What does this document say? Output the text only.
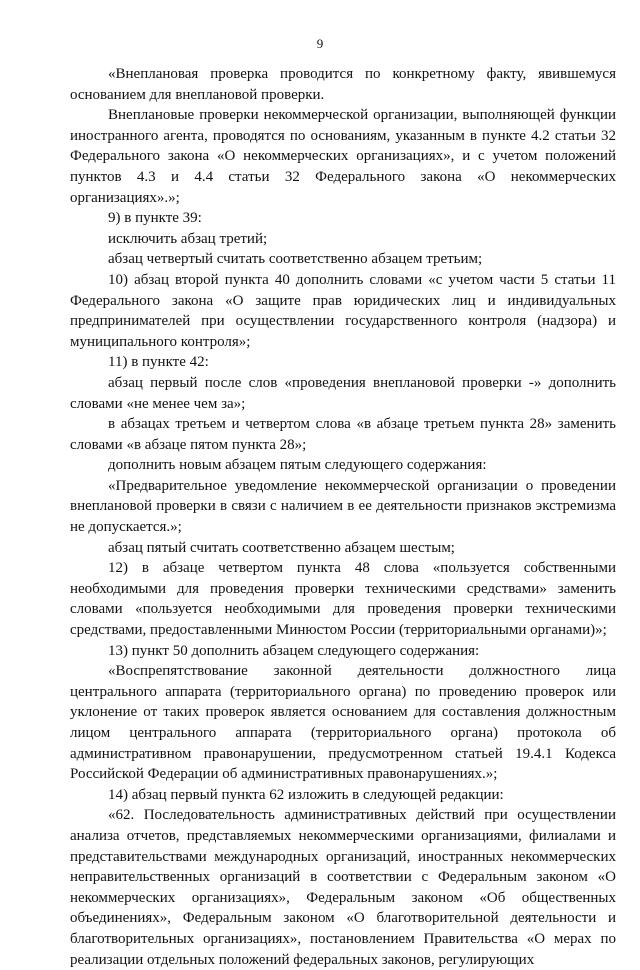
9

«Внеплановая проверка проводится по конкретному факту, явившемуся основанием для внеплановой проверки.

Внеплановые проверки некоммерческой организации, выполняющей функции иностранного агента, проводятся по основаниям, указанным в пункте 4.2 статьи 32 Федерального закона «О некоммерческих организациях», и с учетом положений пунктов 4.3 и 4.4 статьи 32 Федерального закона «О некоммерческих организациях».»;

9) в пункте 39:

исключить абзац третий;

абзац четвертый считать соответственно абзацем третьим;

10) абзац второй пункта 40 дополнить словами «с учетом части 5 статьи 11 Федерального закона «О защите прав юридических лиц и индивидуальных предпринимателей при осуществлении государственного контроля (надзора) и муниципального контроля»;

11) в пункте 42:

абзац первый после слов «проведения внеплановой проверки -» дополнить словами «не менее чем за»;

в абзацах третьем и четвертом слова «в абзаце третьем пункта 28» заменить словами «в абзаце пятом пункта 28»;

дополнить новым абзацем пятым следующего содержания:

«Предварительное уведомление некоммерческой организации о проведении внеплановой проверки в связи с наличием в ее деятельности признаков экстремизма не допускается.»;

абзац пятый считать соответственно абзацем шестым;

12) в абзаце четвертом пункта 48 слова «пользуется собственными необходимыми для проведения проверки техническими средствами» заменить словами «пользуется необходимыми для проведения проверки техническими средствами, предоставленными Минюстом России (территориальными органами)»;

13) пункт 50 дополнить абзацем следующего содержания:

«Воспрепятствование законной деятельности должностного лица центрального аппарата (территориального органа) по проведению проверок или уклонение от таких проверок является основанием для составления должностным лицом центрального аппарата (территориального органа) протокола об административном правонарушении, предусмотренном статьей 19.4.1 Кодекса Российской Федерации об административных правонарушениях.»;

14) абзац первый пункта 62 изложить в следующей редакции:

«62. Последовательность административных действий при осуществлении анализа отчетов, представляемых некоммерческими организациями, филиалами и представительствами международных организаций, иностранных некоммерческих неправительственных организаций в соответствии с Федеральным законом «О некоммерческих организациях», Федеральным законом «Об общественных объединениях», Федеральным законом «О благотворительной деятельности и благотворительных организациях», постановлением Правительства «О мерах по реализации отдельных положений федеральных законов, регулирующих
